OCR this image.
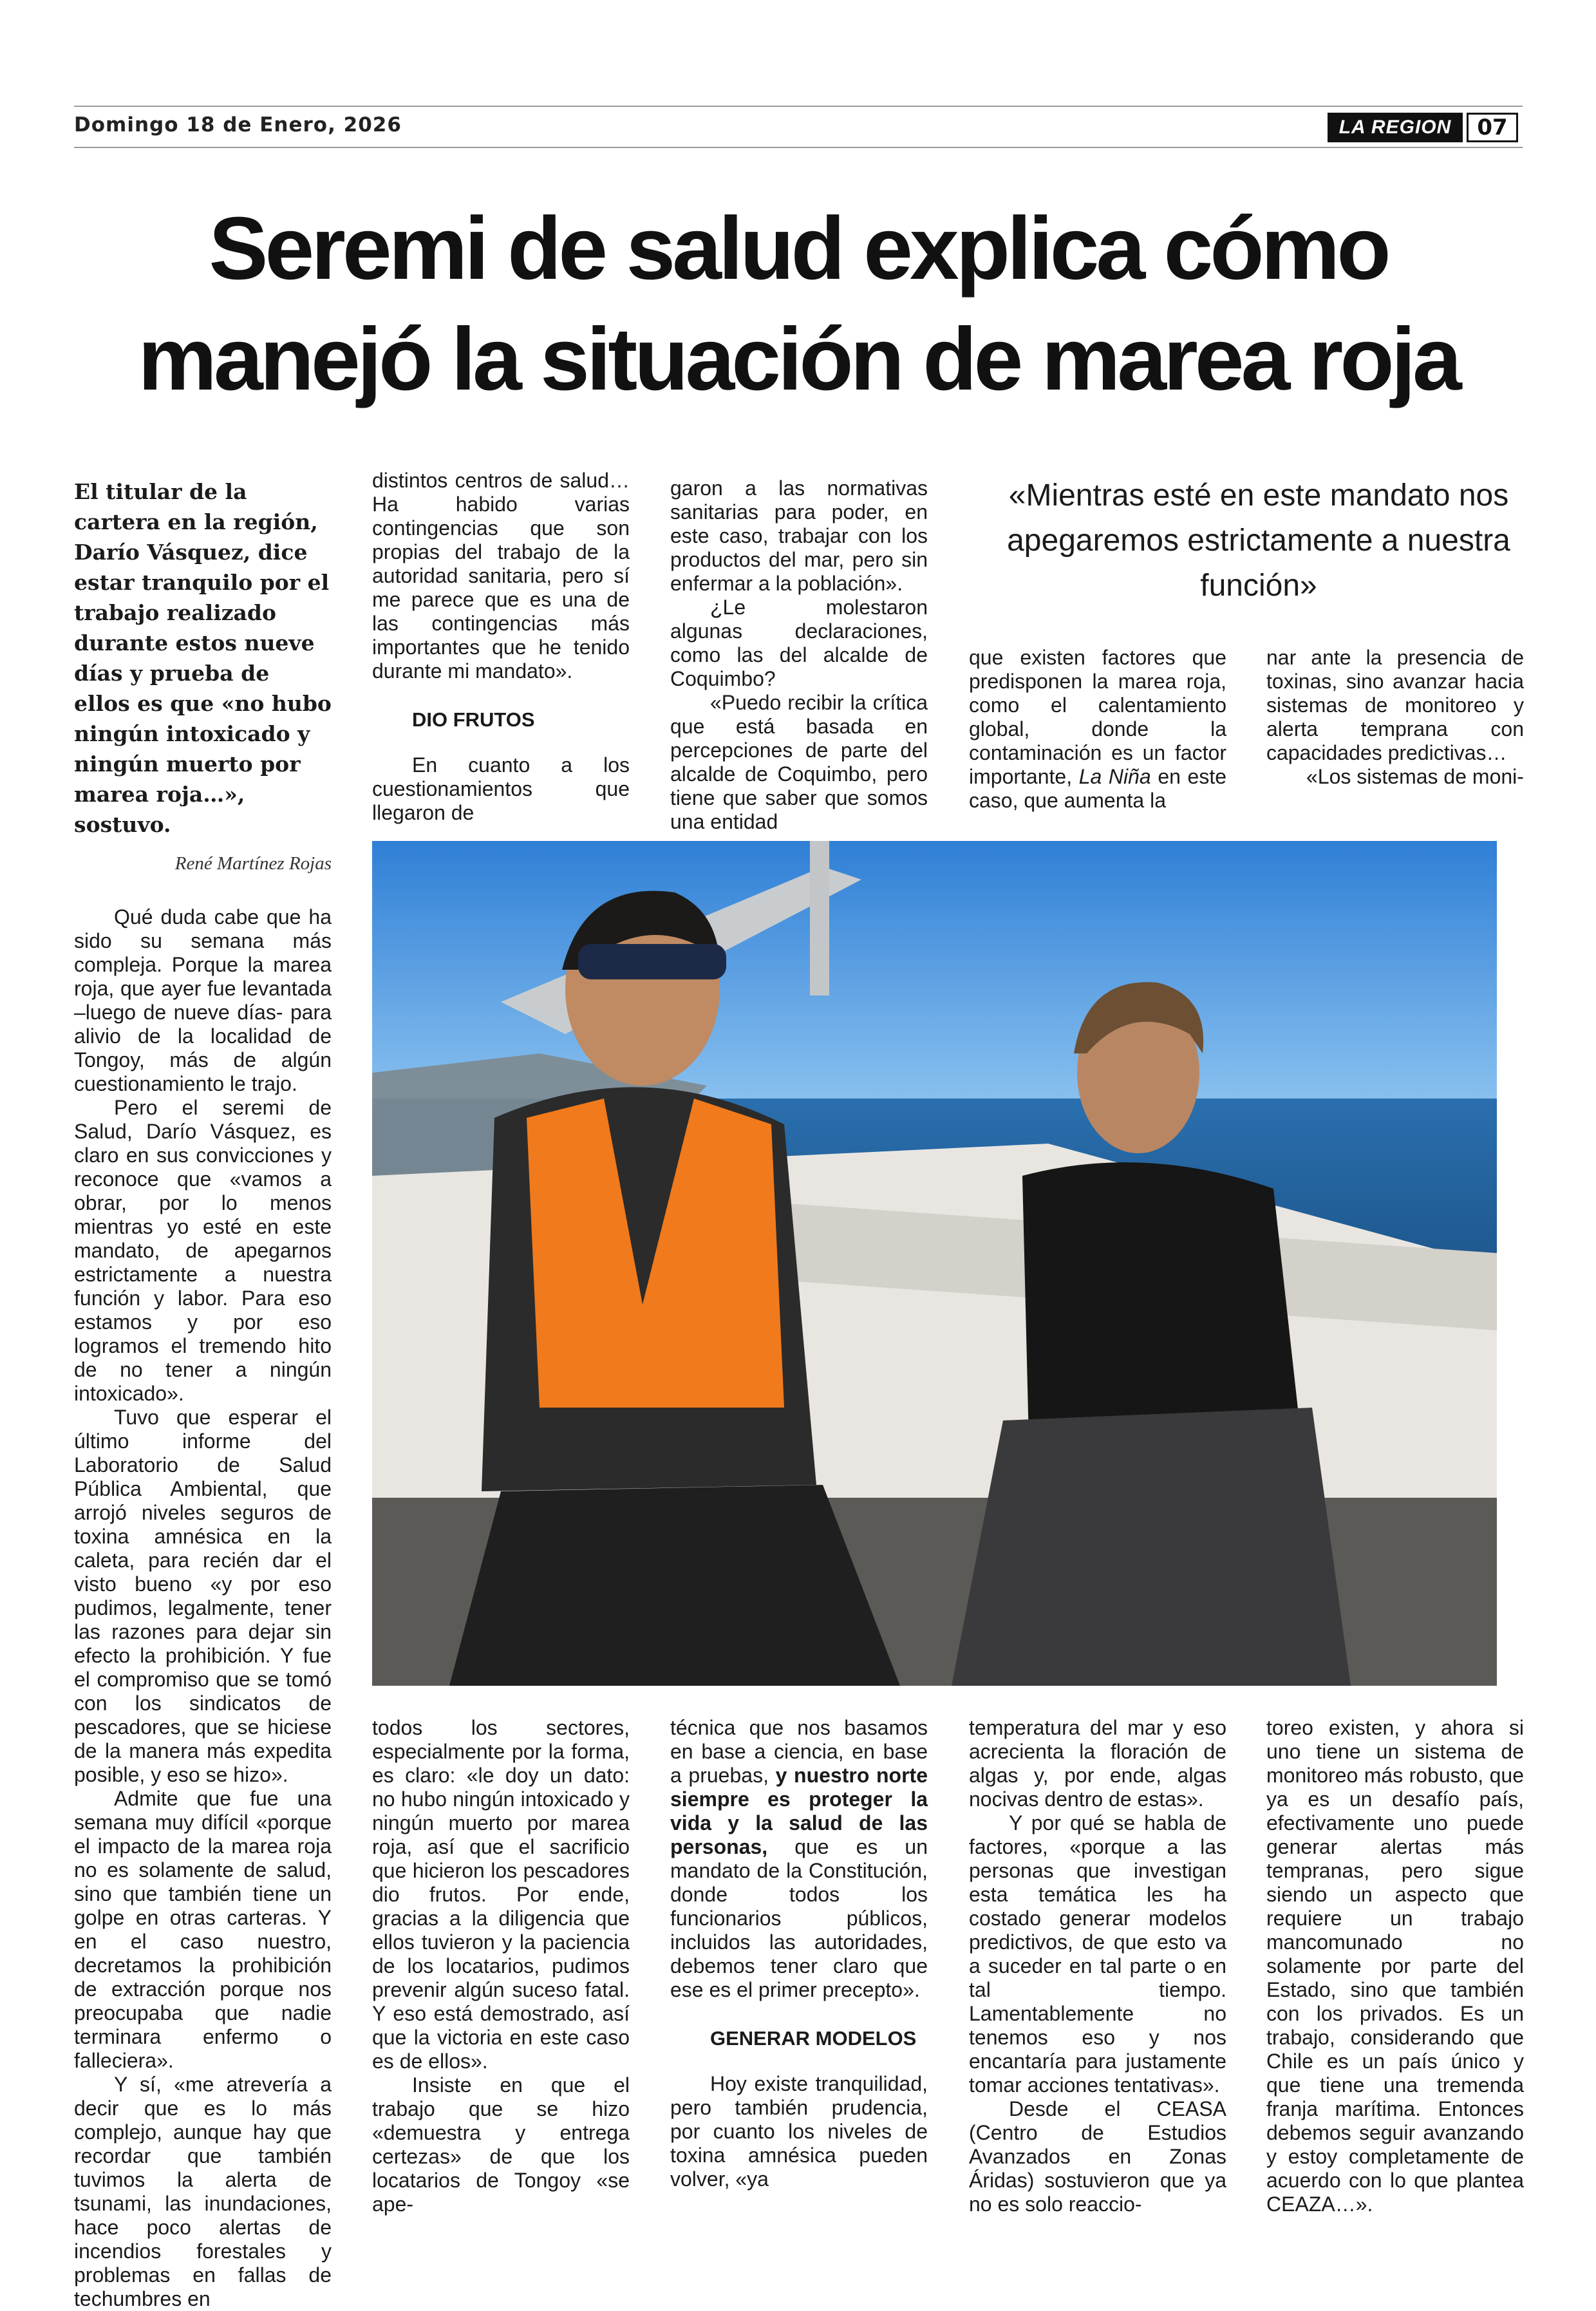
Domingo 18 de Enero, 2026	LA REGION	07
Seremi de salud explica cómo
manejó la situación de marea roja
El titular de la cartera en la región, Darío Vásquez, dice estar tranquilo por el trabajo realizado durante estos nueve días y prueba de ellos es que «no hubo ningún intoxicado y ningún muerto por marea roja…», sostuvo.

distintos centros de salud… Ha habido varias contingencias que son propias del trabajo de la autoridad sanitaria, pero sí me parece que es una de las contingencias más importantes que he tenido durante mi mandato».

DIO FRUTOS

En cuanto a los cuestionamientos que llegaron de

garon a las normativas sanitarias para poder, en este caso, trabajar con los productos del mar, pero sin enfermar a la población».

¿Le molestaron algunas declaraciones, como las del alcalde de Coquimbo?

«Puedo recibir la crítica que está basada en percepciones de parte del alcalde de Coquimbo, pero tiene que saber que somos una entidad

«Mientras esté en este mandato nos apegaremos estrictamente a nuestra función»

que existen factores que predisponen la marea roja, como el calentamiento global, donde la contaminación es un factor importante, La Niña en este caso, que aumenta la

nar ante la presencia de toxinas, sino avanzar hacia sistemas de monitoreo y alerta temprana con capacidades predictivas…

«Los sistemas de moni-

René Martínez Rojas

Qué duda cabe que ha sido su semana más compleja. Porque la marea roja, que ayer fue levantada –luego de nueve días- para alivio de la localidad de Tongoy, más de algún cuestionamiento le trajo.

Pero el seremi de Salud, Darío Vásquez, es claro en sus convicciones y reconoce que «vamos a obrar, por lo menos mientras yo esté en este mandato, de apegarnos estrictamente a nuestra función y labor. Para eso estamos y por eso logramos el tremendo hito de no tener a ningún intoxicado».

Tuvo que esperar el último informe del Laboratorio de Salud Pública Ambiental, que arrojó niveles seguros de toxina amnésica en la caleta, para recién dar el visto bueno «y por eso pudimos, legalmente, tener las razones para dejar sin efecto la prohibición. Y fue el compromiso que se tomó con los sindicatos de pescadores, que se hiciese de la manera más expedita posible, y eso se hizo».

Admite que fue una semana muy difícil «porque el impacto de la marea roja no es solamente de salud, sino que también tiene un golpe en otras carteras. Y en el caso nuestro, decretamos la prohibición de extracción porque nos preocupaba que nadie terminara enfermo o falleciera».

Y sí, «me atrevería a decir que es lo más complejo, aunque hay que recordar que también tuvimos la alerta de tsunami, las inundaciones, hace poco alertas de incendios forestales y problemas en fallas de techumbres en

todos los sectores, especialmente por la forma, es claro: «le doy un dato: no hubo ningún intoxicado y ningún muerto por marea roja, así que el sacrificio que hicieron los pescadores dio frutos. Por ende, gracias a la diligencia que ellos tuvieron y la paciencia de los locatarios, pudimos prevenir algún suceso fatal. Y eso está demostrado, así que la victoria en este caso es de ellos».

Insiste en que el trabajo que se hizo «demuestra y entrega certezas» de que los locatarios de Tongoy «se ape-

técnica que nos basamos en base a ciencia, en base a pruebas, y nuestro norte siempre es proteger la vida y la salud de las personas, que es un mandato de la Constitución, donde todos los funcionarios públicos, incluidos las autoridades, debemos tener claro que ese es el primer precepto».

GENERAR MODELOS

Hoy existe tranquilidad, pero también prudencia, por cuanto los niveles de toxina amnésica pueden volver, «ya

temperatura del mar y eso acrecienta la floración de algas y, por ende, algas nocivas dentro de estas».

Y por qué se habla de factores, «porque a las personas que investigan esta temática les ha costado generar modelos predictivos, de que esto va a suceder en tal parte o en tal tiempo. Lamentablemente no tenemos eso y nos encantaría para justamente tomar acciones tentativas».

Desde el CEASA (Centro de Estudios Avanzados en Zonas Áridas) sostuvieron que ya no es solo reaccio-

toreo existen, y ahora si uno tiene un sistema de monitoreo más robusto, que ya es un desafío país, efectivamente uno puede generar alertas más tempranas, pero sigue siendo un aspecto que requiere un trabajo mancomunado no solamente por parte del Estado, sino que también con los privados. Es un trabajo, considerando que Chile es un país único y que tiene una tremenda franja marítima. Entonces debemos seguir avanzando y estoy completamente de acuerdo con lo que plantea CEAZA…».
